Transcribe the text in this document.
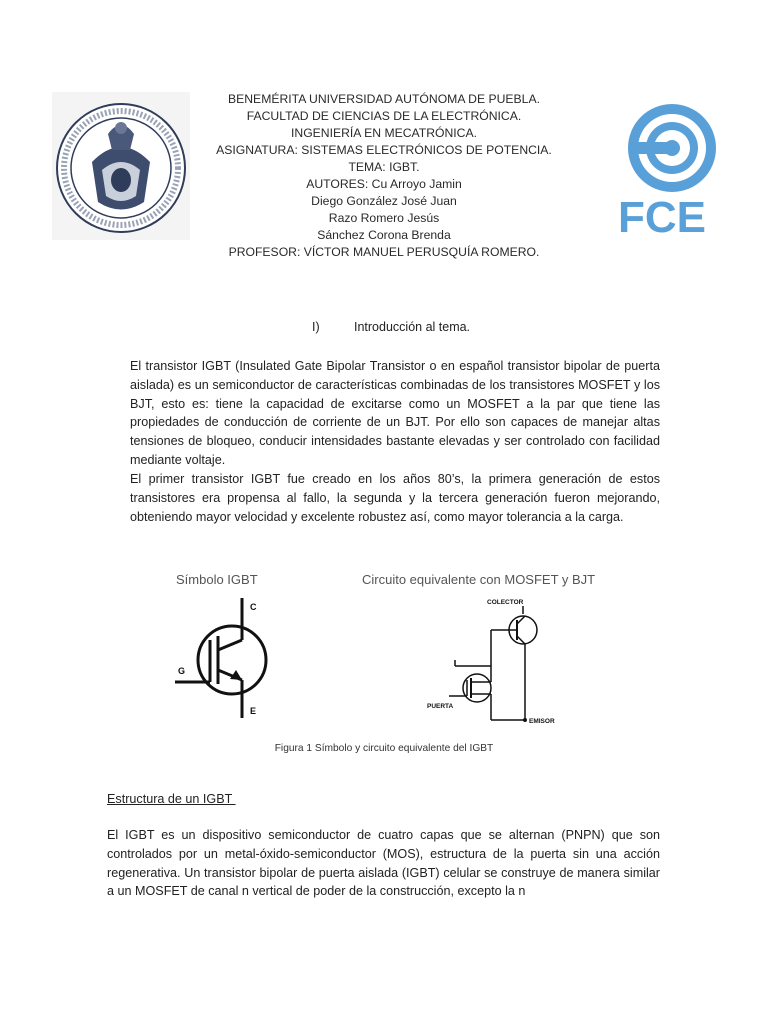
BENEMÉRITA UNIVERSIDAD AUTÓNOMA DE PUEBLA.
FACULTAD DE CIENCIAS DE LA ELECTRÓNICA.
INGENIERÍA EN MECATRÓNICA.
ASIGNATURA: SISTEMAS ELECTRÓNICOS DE POTENCIA.
TEMA: IGBT.
AUTORES: Cu Arroyo Jamin
Diego González José Juan
Razo Romero Jesús
Sánchez Corona Brenda
PROFESOR: VÍCTOR MANUEL PERUSQUÍA ROMERO.
FCE
I)	Introducción al tema.

El transistor IGBT (Insulated Gate Bipolar Transistor o en español transistor bipolar de puerta aislada) es un semiconductor de características combinadas de los transistores MOSFET y los BJT, esto es: tiene la capacidad de excitarse como un MOSFET a la par que tiene las propiedades de conducción de corriente de un BJT. Por ello son capaces de manejar altas tensiones de bloqueo, conducir intensidades bastante elevadas y ser controlado con facilidad mediante voltaje.

El primer transistor IGBT fue creado en los años 80’s, la primera generación de estos transistores era propensa al fallo, la segunda y la tercera generación fueron mejorando, obteniendo mayor velocidad y excelente robustez así, como mayor tolerancia a la carga.

Símbolo IGBT	Circuito equivalente con MOSFET y BJT
C
G
E
COLECTOR
PUERTA
EMISOR
Figura 1 Símbolo y circuito equivalente del IGBT
Estructura de un IGBT

El IGBT es un dispositivo semiconductor de cuatro capas que se alternan (PNPN) que son controlados por un metal-óxido-semiconductor (MOS), estructura de la puerta sin una acción regenerativa. Un transistor bipolar de puerta aislada (IGBT) celular se construye de manera similar a un MOSFET de canal n vertical de poder de la construcción, excepto la n
